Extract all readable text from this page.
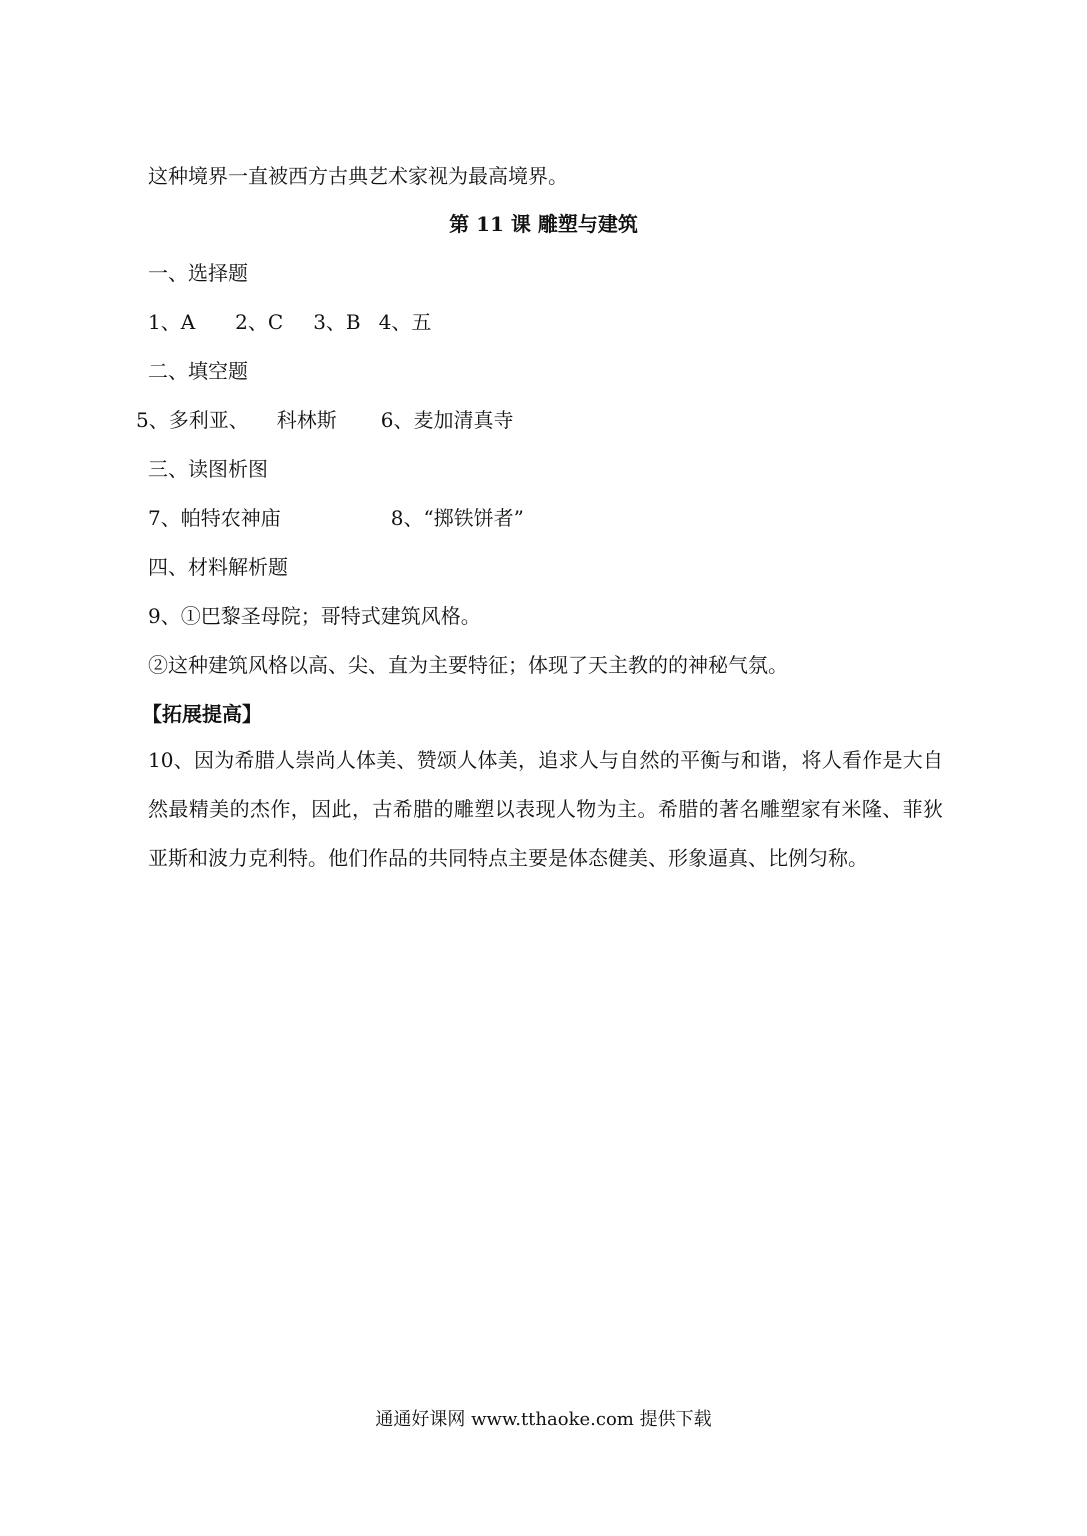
这种境界一直被西方古典艺术家视为最高境界。
第 11 课 雕塑与建筑
一、选择题
1、A 2、C 3、B 4、五
二、填空题
5、多利亚、 科林斯 6、麦加清真寺
三、读图析图
7、帕特农神庙	8、“掷铁饼者”
四、材料解析题
9、①巴黎圣母院；哥特式建筑风格。
②这种建筑风格以高、尖、直为主要特征；体现了天主教的的神秘气氛。
【拓展提高】
10、因为希腊人崇尚人体美、赞颂人体美，追求人与自然的平衡与和谐，将人看作是大自然最精美的杰作，因此，古希腊的雕塑以表现人物为主。希腊的著名雕塑家有米隆、菲狄亚斯和波力克利特。他们作品的共同特点主要是体态健美、形象逼真、比例匀称。
通通好课网 www.tthaoke.com 提供下载
